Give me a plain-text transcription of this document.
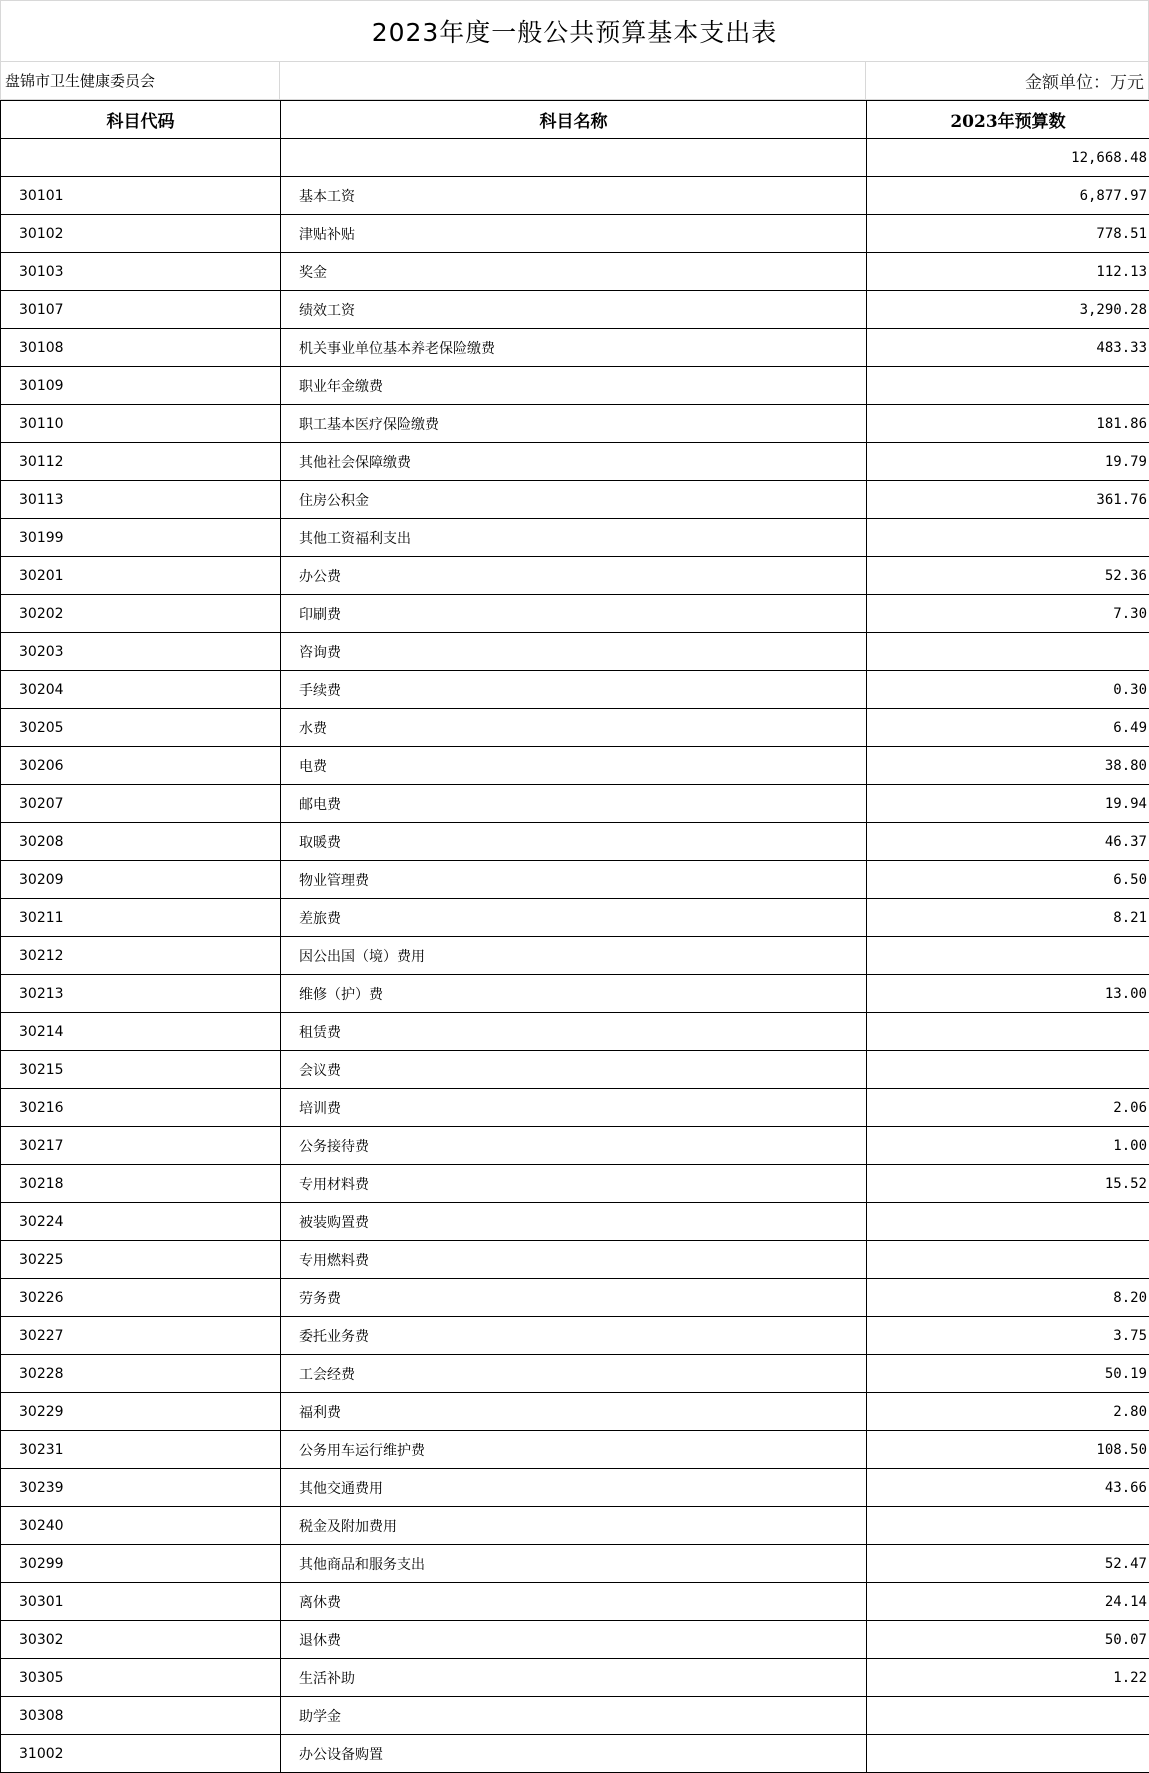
2023年度一般公共预算基本支出表
盘锦市卫生健康委员会	金额单位：万元
科目代码	科目名称	2023年预算数
		12,668.48
30101	基本工资	6,877.97
30102	津贴补贴	778.51
30103	奖金	112.13
30107	绩效工资	3,290.28
30108	机关事业单位基本养老保险缴费	483.33
30109	职业年金缴费	
30110	职工基本医疗保险缴费	181.86
30112	其他社会保障缴费	19.79
30113	住房公积金	361.76
30199	其他工资福利支出	
30201	办公费	52.36
30202	印刷费	7.30
30203	咨询费	
30204	手续费	0.30
30205	水费	6.49
30206	电费	38.80
30207	邮电费	19.94
30208	取暖费	46.37
30209	物业管理费	6.50
30211	差旅费	8.21
30212	因公出国（境）费用	
30213	维修（护）费	13.00
30214	租赁费	
30215	会议费	
30216	培训费	2.06
30217	公务接待费	1.00
30218	专用材料费	15.52
30224	被装购置费	
30225	专用燃料费	
30226	劳务费	8.20
30227	委托业务费	3.75
30228	工会经费	50.19
30229	福利费	2.80
30231	公务用车运行维护费	108.50
30239	其他交通费用	43.66
30240	税金及附加费用	
30299	其他商品和服务支出	52.47
30301	离休费	24.14
30302	退休费	50.07
30305	生活补助	1.22
30308	助学金	
31002	办公设备购置	
